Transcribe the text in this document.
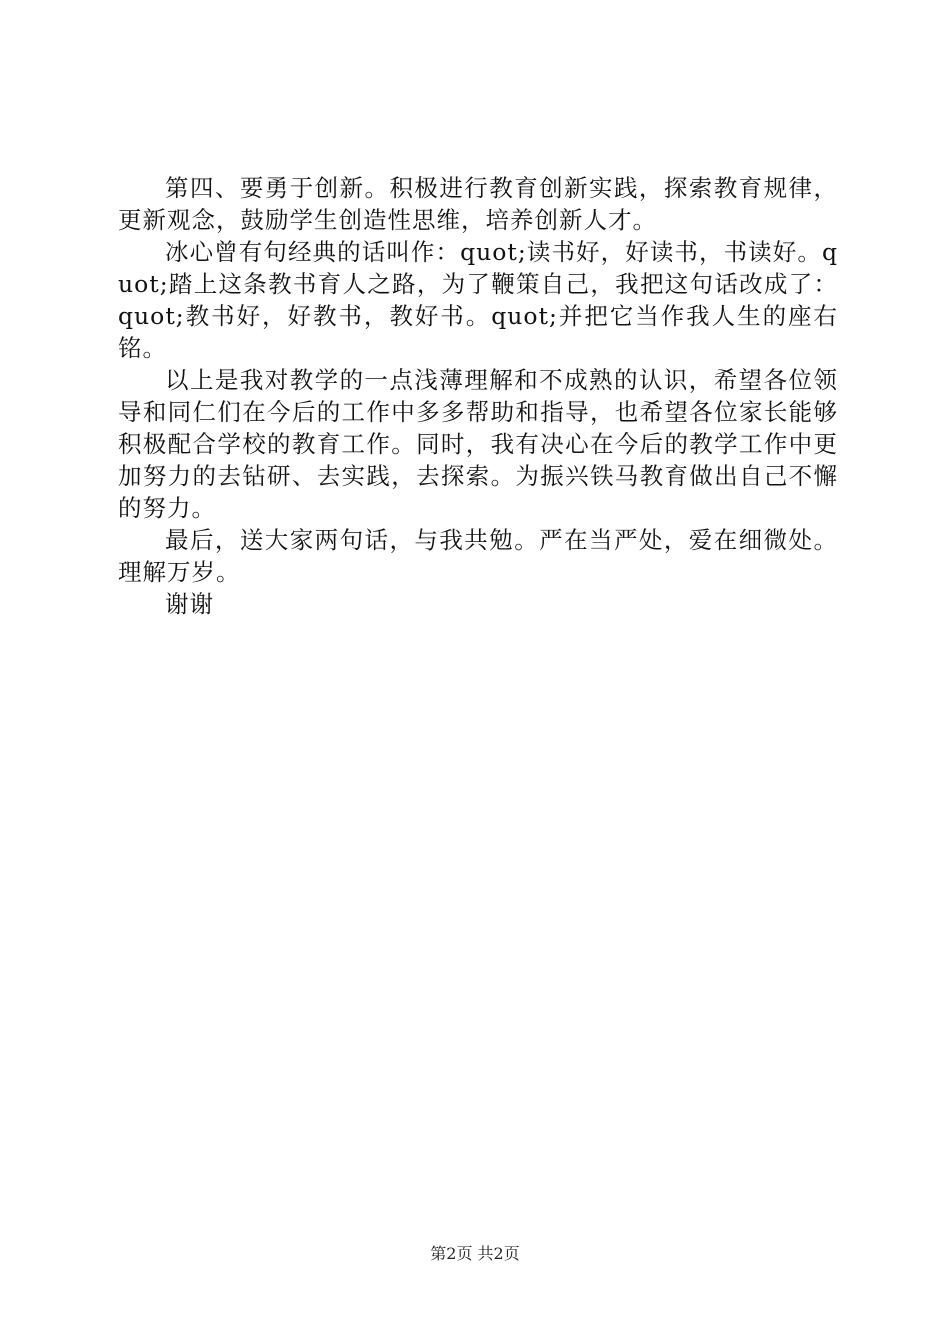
第四、要勇于创新。积极进行教育创新实践，探索教育规律，更新观念，鼓励学生创造性思维，培养创新人才。

冰心曾有句经典的话叫作：quot;读书好，好读书，书读好。quot;踏上这条教书育人之路，为了鞭策自己，我把这句话改成了：quot;教书好，好教书，教好书。quot;并把它当作我人生的座右铭。

以上是我对教学的一点浅薄理解和不成熟的认识，希望各位领导和同仁们在今后的工作中多多帮助和指导，也希望各位家长能够积极配合学校的教育工作。同时，我有决心在今后的教学工作中更加努力的去钻研、去实践，去探索。为振兴铁马教育做出自己不懈的努力。

最后，送大家两句话，与我共勉。严在当严处，爱在细微处。理解万岁。

谢谢

第2页 共2页
